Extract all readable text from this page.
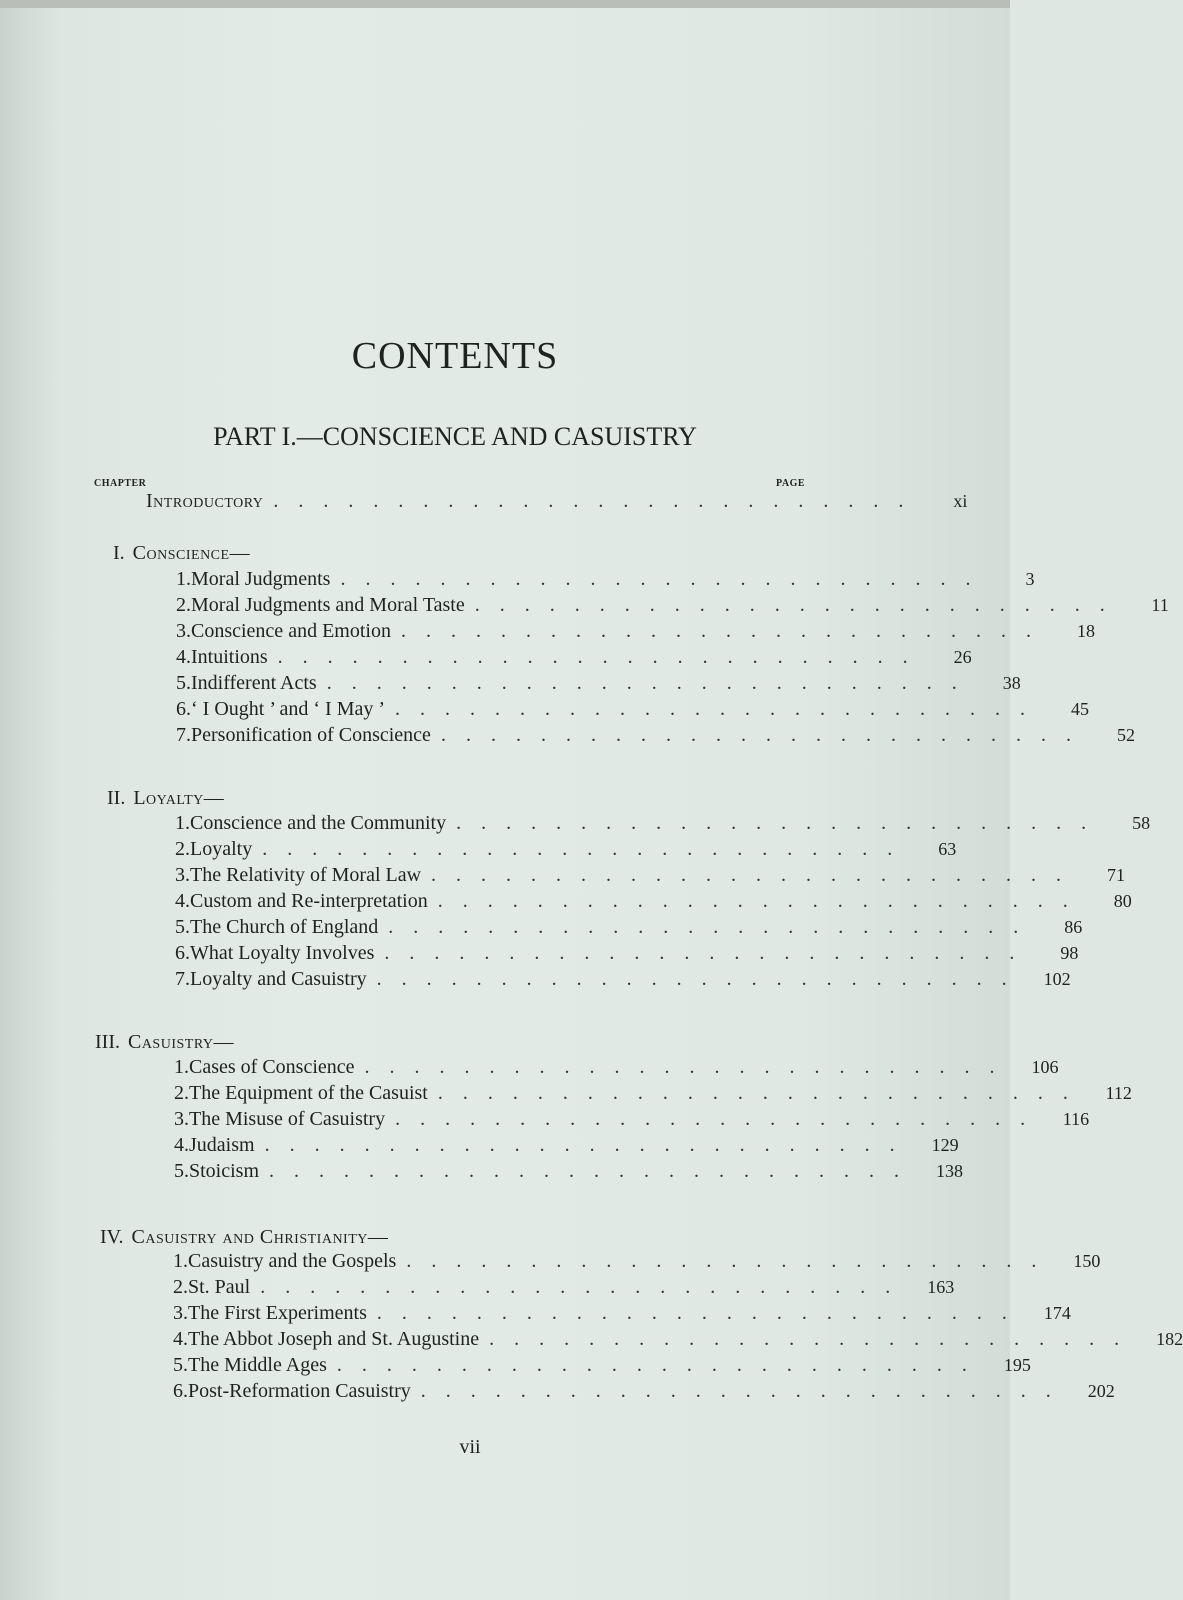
CONTENTS
PART I.—CONSCIENCE AND CASUISTRY
CHAPTER	PAGE
Introductory ..........................	xi
I. Conscience—
1. Moral Judgments ..........................	3
2. Moral Judgments and Moral Taste ..........................	11
3. Conscience and Emotion ..........................	18
4. Intuitions ..........................	26
5. Indifferent Acts ..........................	38
6. ‘ I Ought ’ and ‘ I May ’ ..........................	45
7. Personification of Conscience ..........................	52
II. Loyalty—
1. Conscience and the Community ..........................	58
2. Loyalty ..........................	63
3. The Relativity of Moral Law ..........................	71
4. Custom and Re-interpretation ..........................	80
5. The Church of England ..........................	86
6. What Loyalty Involves ..........................	98
7. Loyalty and Casuistry .......................... 102
III. Casuistry—
1. Cases of Conscience .......................... 106
2. The Equipment of the Casuist .......................... 112
3. The Misuse of Casuistry .......................... 116
4. Judaism .......................... 129
5. Stoicism .......................... 138
IV. Casuistry and Christianity—
1. Casuistry and the Gospels .......................... 150
2. St. Paul .......................... 163
3. The First Experiments .......................... 174
4. The Abbot Joseph and St. Augustine .......................... 182
5. The Middle Ages .......................... 195
6. Post-Reformation Casuistry .......................... 202
vii
